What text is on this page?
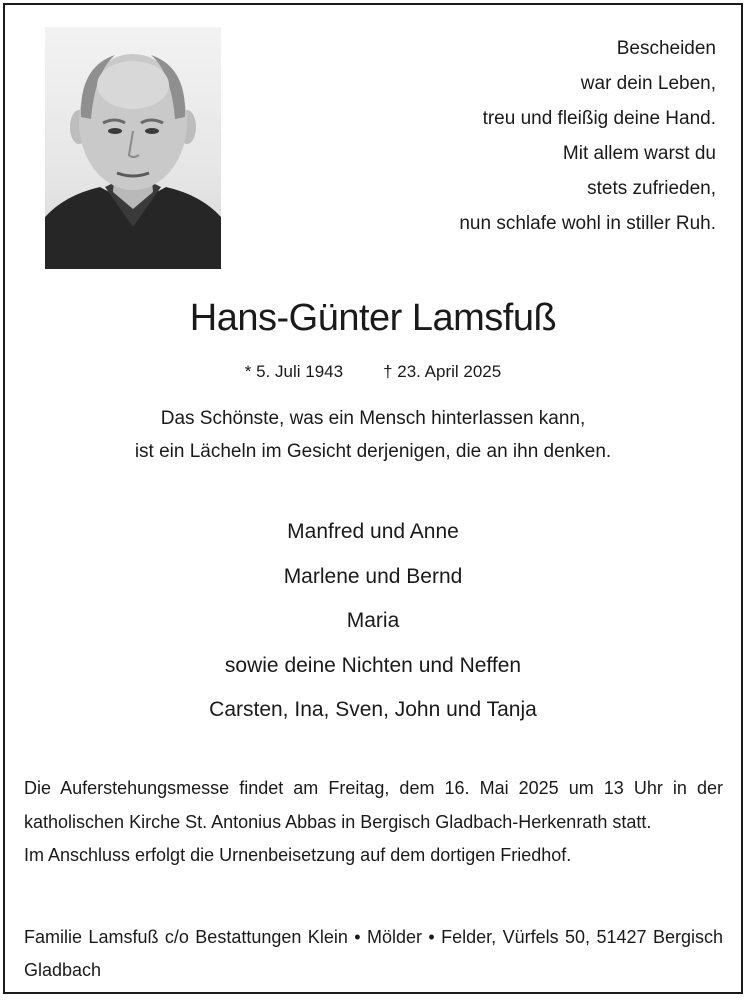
Bescheiden
war dein Leben,
treu und fleißig deine Hand.
Mit allem warst du
stets zufrieden,
nun schlafe wohl in stiller Ruh.
Hans-Günter Lamsfuß
* 5. Juli 1943 † 23. April 2025
Das Schönste, was ein Mensch hinterlassen kann,
ist ein Lächeln im Gesicht derjenigen, die an ihn denken.
Manfred und Anne
Marlene und Bernd
Maria
sowie deine Nichten und Neffen
Carsten, Ina, Sven, John und Tanja
Die Auferstehungsmesse findet am Freitag, dem 16. Mai 2025 um 13 Uhr in der katholischen Kirche St. Antonius Abbas in Bergisch Gladbach-Herkenrath statt.
Im Anschluss erfolgt die Urnenbeisetzung auf dem dortigen Friedhof.
Familie Lamsfuß c/o Bestattungen Klein • Mölder • Felder, Vürfels 50, 51427 Bergisch Gladbach
